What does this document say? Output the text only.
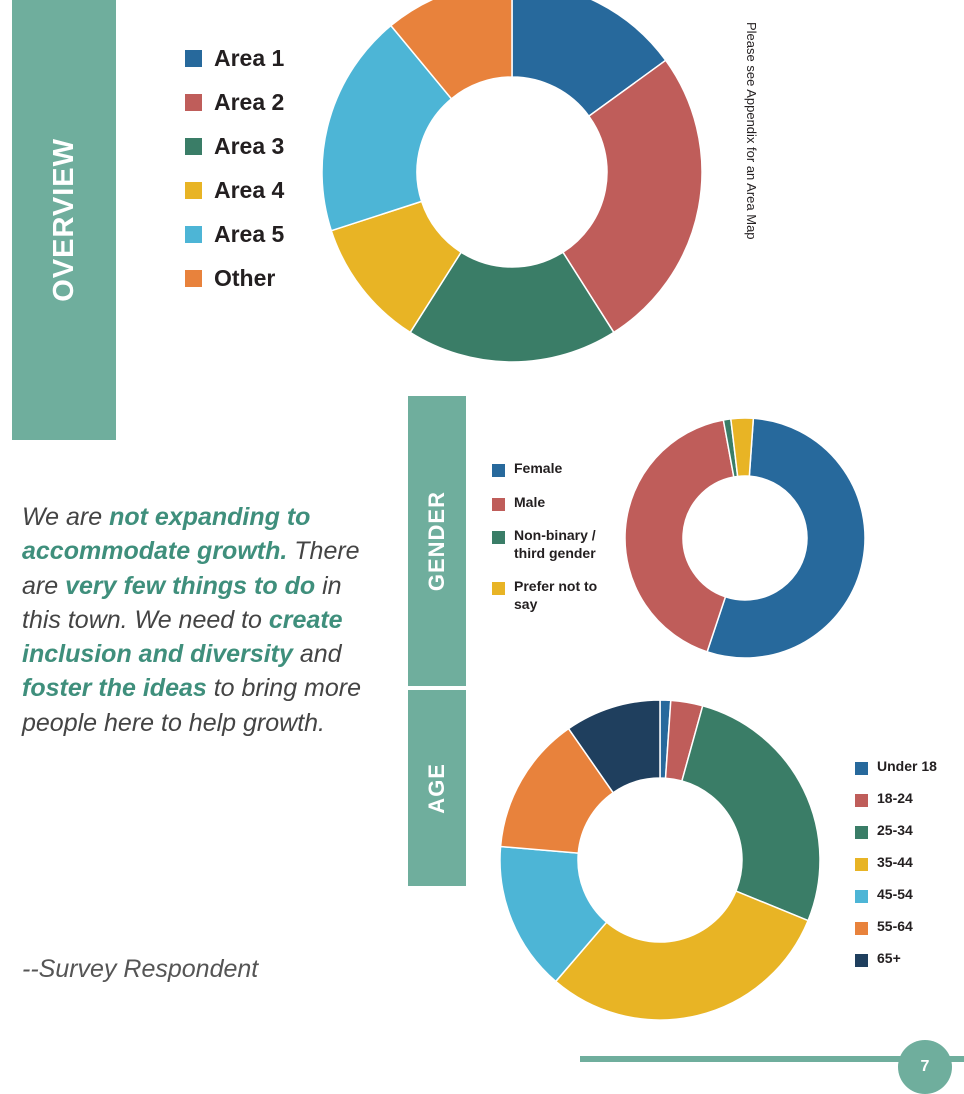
OVERVIEW
GENDER
AGE
Please see Appendix for an Area Map
We are not expanding to accommodate growth. There are very few things to do in this town. We need to create inclusion and diversity and foster the ideas to bring more people here to help growth.
--Survey Respondent
Area 1
Area 2
Area 3
Area 4
Area 5
Other
Female
Male
Non-binary / third gender
Prefer not to say
Under 18
18-24
25-34
35-44
45-54
55-64
65+
7
